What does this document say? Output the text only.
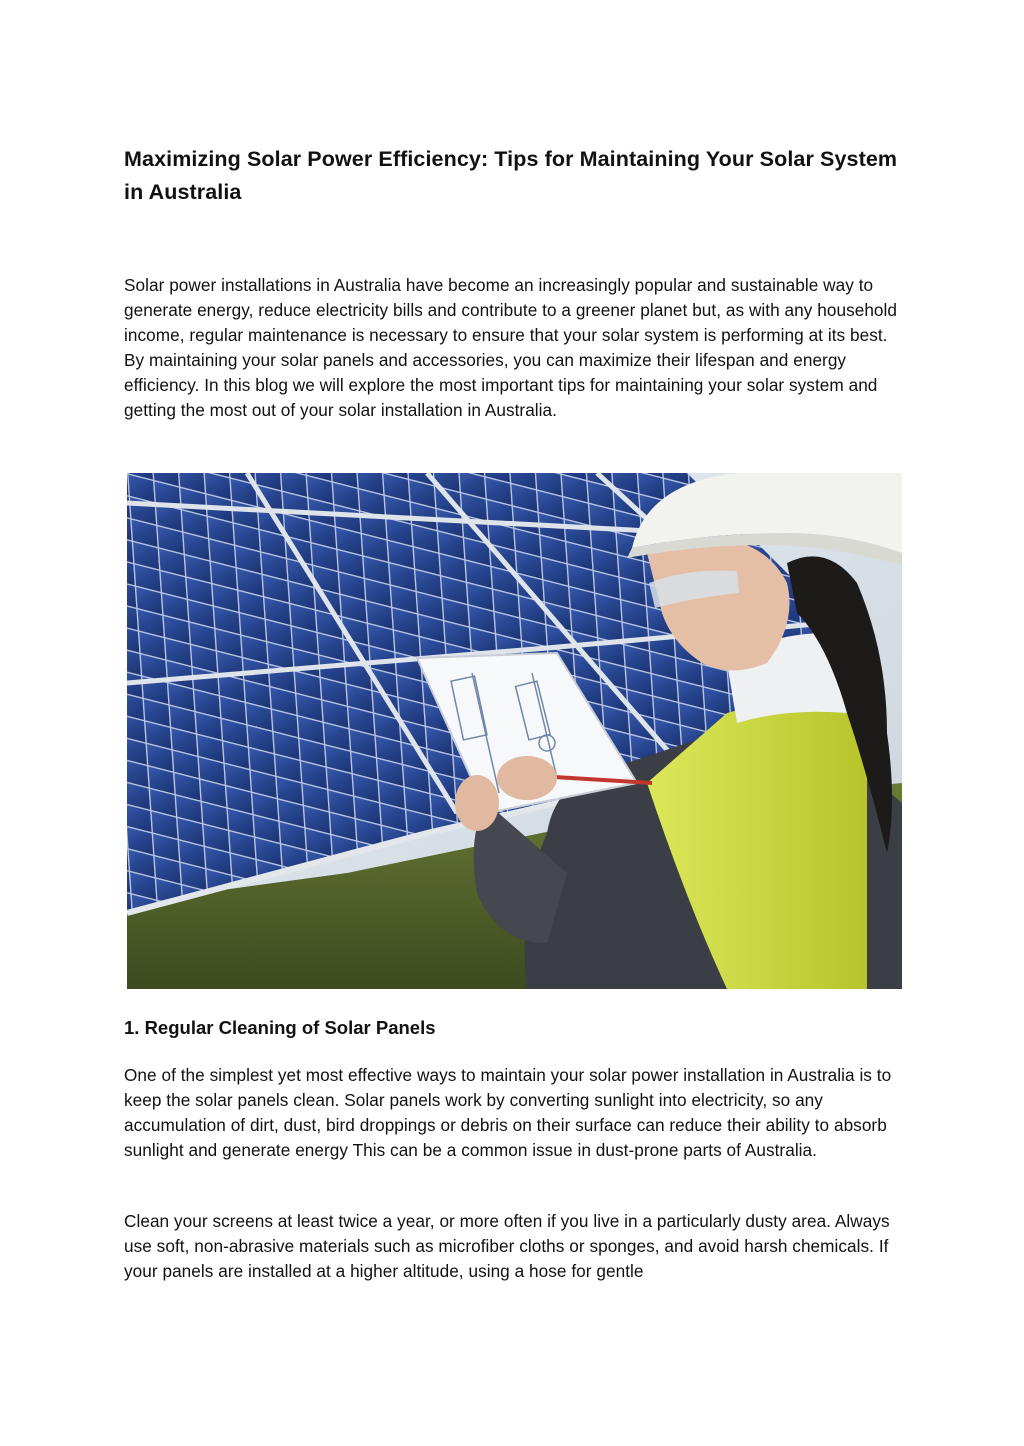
Maximizing Solar Power Efficiency: Tips for Maintaining Your Solar System in Australia

Solar power installations in Australia have become an increasingly popular and sustainable way to generate energy, reduce electricity bills and contribute to a greener planet but, as with any household income, regular maintenance is necessary to ensure that your solar system is performing at its best. By maintaining your solar panels and accessories, you can maximize their lifespan and energy efficiency. In this blog we will explore the most important tips for maintaining your solar system and getting the most out of your solar installation in Australia.

1. Regular Cleaning of Solar Panels

One of the simplest yet most effective ways to maintain your solar power installation in Australia is to keep the solar panels clean. Solar panels work by converting sunlight into electricity, so any accumulation of dirt, dust, bird droppings or debris on their surface can reduce their ability to absorb sunlight and generate energy This can be a common issue in dust-prone parts of Australia.

Clean your screens at least twice a year, or more often if you live in a particularly dusty area. Always use soft, non-abrasive materials such as microfiber cloths or sponges, and avoid harsh chemicals. If your panels are installed at a higher altitude, using a hose for gentle
